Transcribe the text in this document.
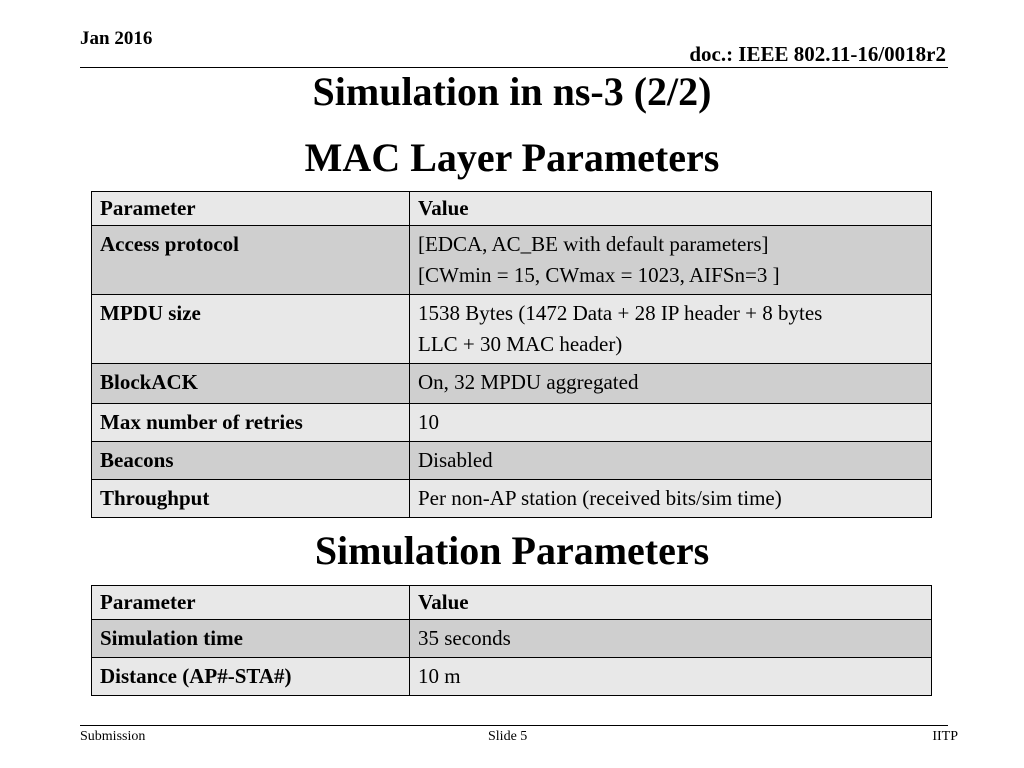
Jan 2016
doc.: IEEE 802.11-16/0018r2
Simulation in ns-3 (2/2)
MAC Layer Parameters
Parameter	Value
Access protocol	[EDCA, AC_BE with default parameters]
[CWmin = 15, CWmax = 1023, AIFSn=3 ]

MPDU size	1538 Bytes (1472 Data + 28 IP header + 8 bytes
LLC + 30 MAC header)

BlockACK	On, 32 MPDU aggregated
Max number of retries	10
Beacons	Disabled
Throughput	Per non-AP station (received bits/sim time)
Simulation Parameters
Parameter	Value
Simulation time	35 seconds
Distance (AP#-STA#)	10 m
Submission	Slide 5	IITP
